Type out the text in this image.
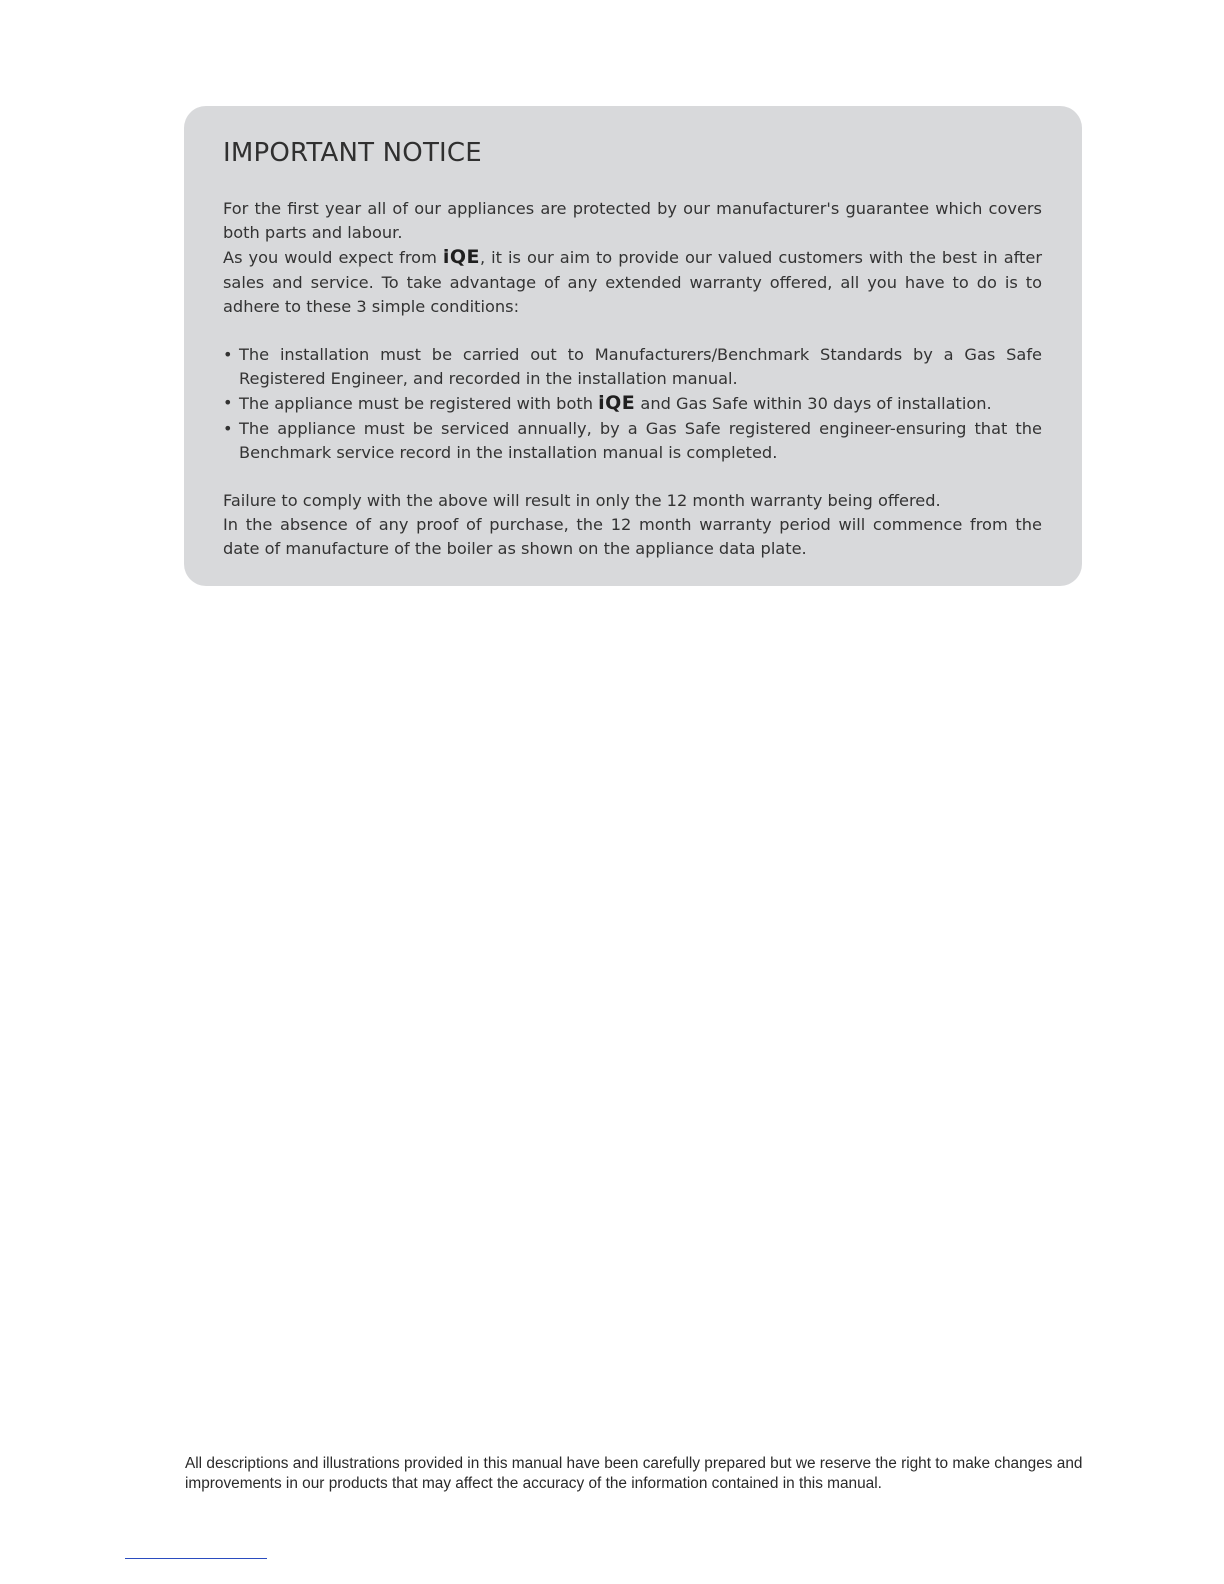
IMPORTANT NOTICE

For the first year all of our appliances are protected by our manufacturer's guarantee which covers both parts and labour.

As you would expect from iQE, it is our aim to provide our valued customers with the best in after sales and service. To take advantage of any extended warranty offered, all you have to do is to adhere to these 3 simple conditions:

• The installation must be carried out to Manufacturers/Benchmark Standards by a Gas Safe Registered Engineer, and recorded in the installation manual.
• The appliance must be registered with both iQE and Gas Safe within 30 days of installation.
• The appliance must be serviced annually, by a Gas Safe registered engineer-ensuring that the Benchmark service record in the installation manual is completed.

Failure to comply with the above will result in only the 12 month warranty being offered.

In the absence of any proof of purchase, the 12 month warranty period will commence from the date of manufacture of the boiler as shown on the appliance data plate.

All descriptions and illustrations provided in this manual have been carefully prepared but we reserve the right to make changes and improvements in our products that may affect the accuracy of the information contained in this manual.
